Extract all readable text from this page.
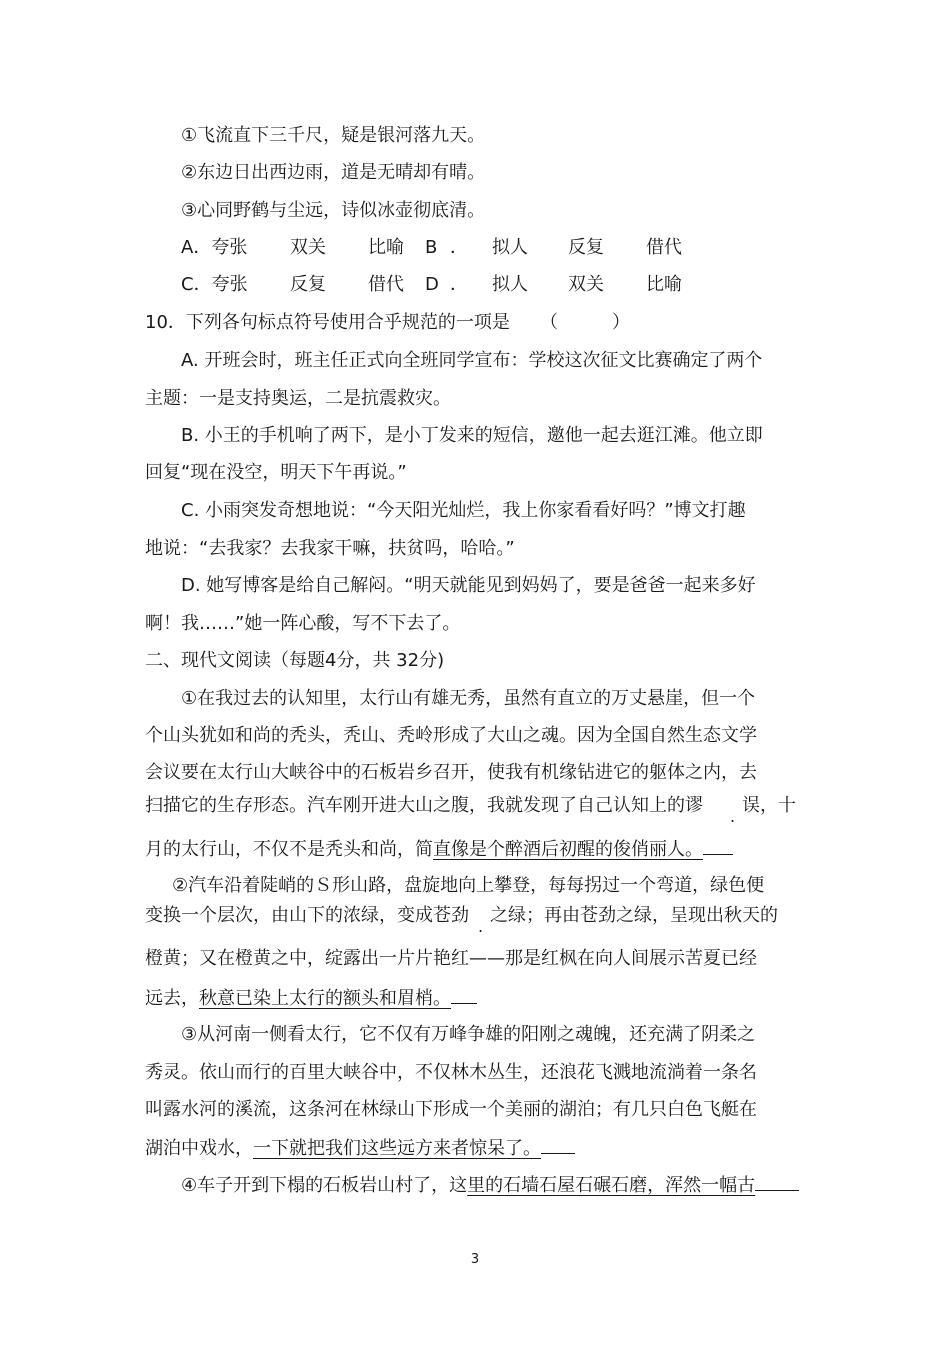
①飞流直下三千尺，疑是银河落九天。
②东边日出西边雨，道是无晴却有晴。
③心同野鹤与尘远，诗似冰壶彻底清。
A．夸张 双关 比喻 B ． 拟人 反复 借代
C．夸张 反复 借代 D ． 拟人 双关 比喻
10．下列各句标点符号使用合乎规范的一项是 （　　　）
A. 开班会时，班主任正式向全班同学宣布：学校这次征文比赛确定了两个
主题：一是支持奥运，二是抗震救灾。
B. 小王的手机响了两下，是小丁发来的短信，邀他一起去逛江滩。他立即
回复“现在没空，明天下午再说。”
C. 小雨突发奇想地说：“今天阳光灿烂，我上你家看看好吗？”博文打趣
地说：“去我家？去我家干嘛，扶贫吗，哈哈。”
D. 她写博客是给自己解闷。“明天就能见到妈妈了，要是爸爸一起来多好
啊！我……”她一阵心酸，写不下去了。
二、现代文阅读（每题4分，共 32分)
①在我过去的认知里，太行山有雄无秀，虽然有直立的万丈悬崖，但一个
个山头犹如和尚的秃头，秃山、秃岭形成了大山之魂。因为全国自然生态文学
会议要在太行山大峡谷中的石板岩乡召开，使我有机缘钻进它的躯体之内，去
扫描它的生存形态。汽车刚开进大山之腹，我就发现了自己认知上的谬
.
误，十
月的太行山，不仅不是秃头和尚，简直像是个醉酒后初醒的俊俏丽人。
②汽车沿着陡峭的Ｓ形山路，盘旋地向上攀登，每每拐过一个弯道，绿色便
变换一个层次，由山下的浓绿，变成苍劲
.
之绿；再由苍劲之绿，呈现出秋天的
橙黄；又在橙黄之中，绽露出一片片艳红——那是红枫在向人间展示苦夏已经
远去，秋意已染上太行的额头和眉梢。
③从河南一侧看太行，它不仅有万峰争雄的阳刚之魂魄，还充满了阴柔之
秀灵。依山而行的百里大峡谷中，不仅林木丛生，还浪花飞溅地流淌着一条名
叫露水河的溪流，这条河在林绿山下形成一个美丽的湖泊；有几只白色飞艇在
湖泊中戏水，一下就把我们这些远方来者惊呆了。
④车子开到下榻的石板岩山村了，这里的石墙石屋石碾石磨，浑然一幅古
3
